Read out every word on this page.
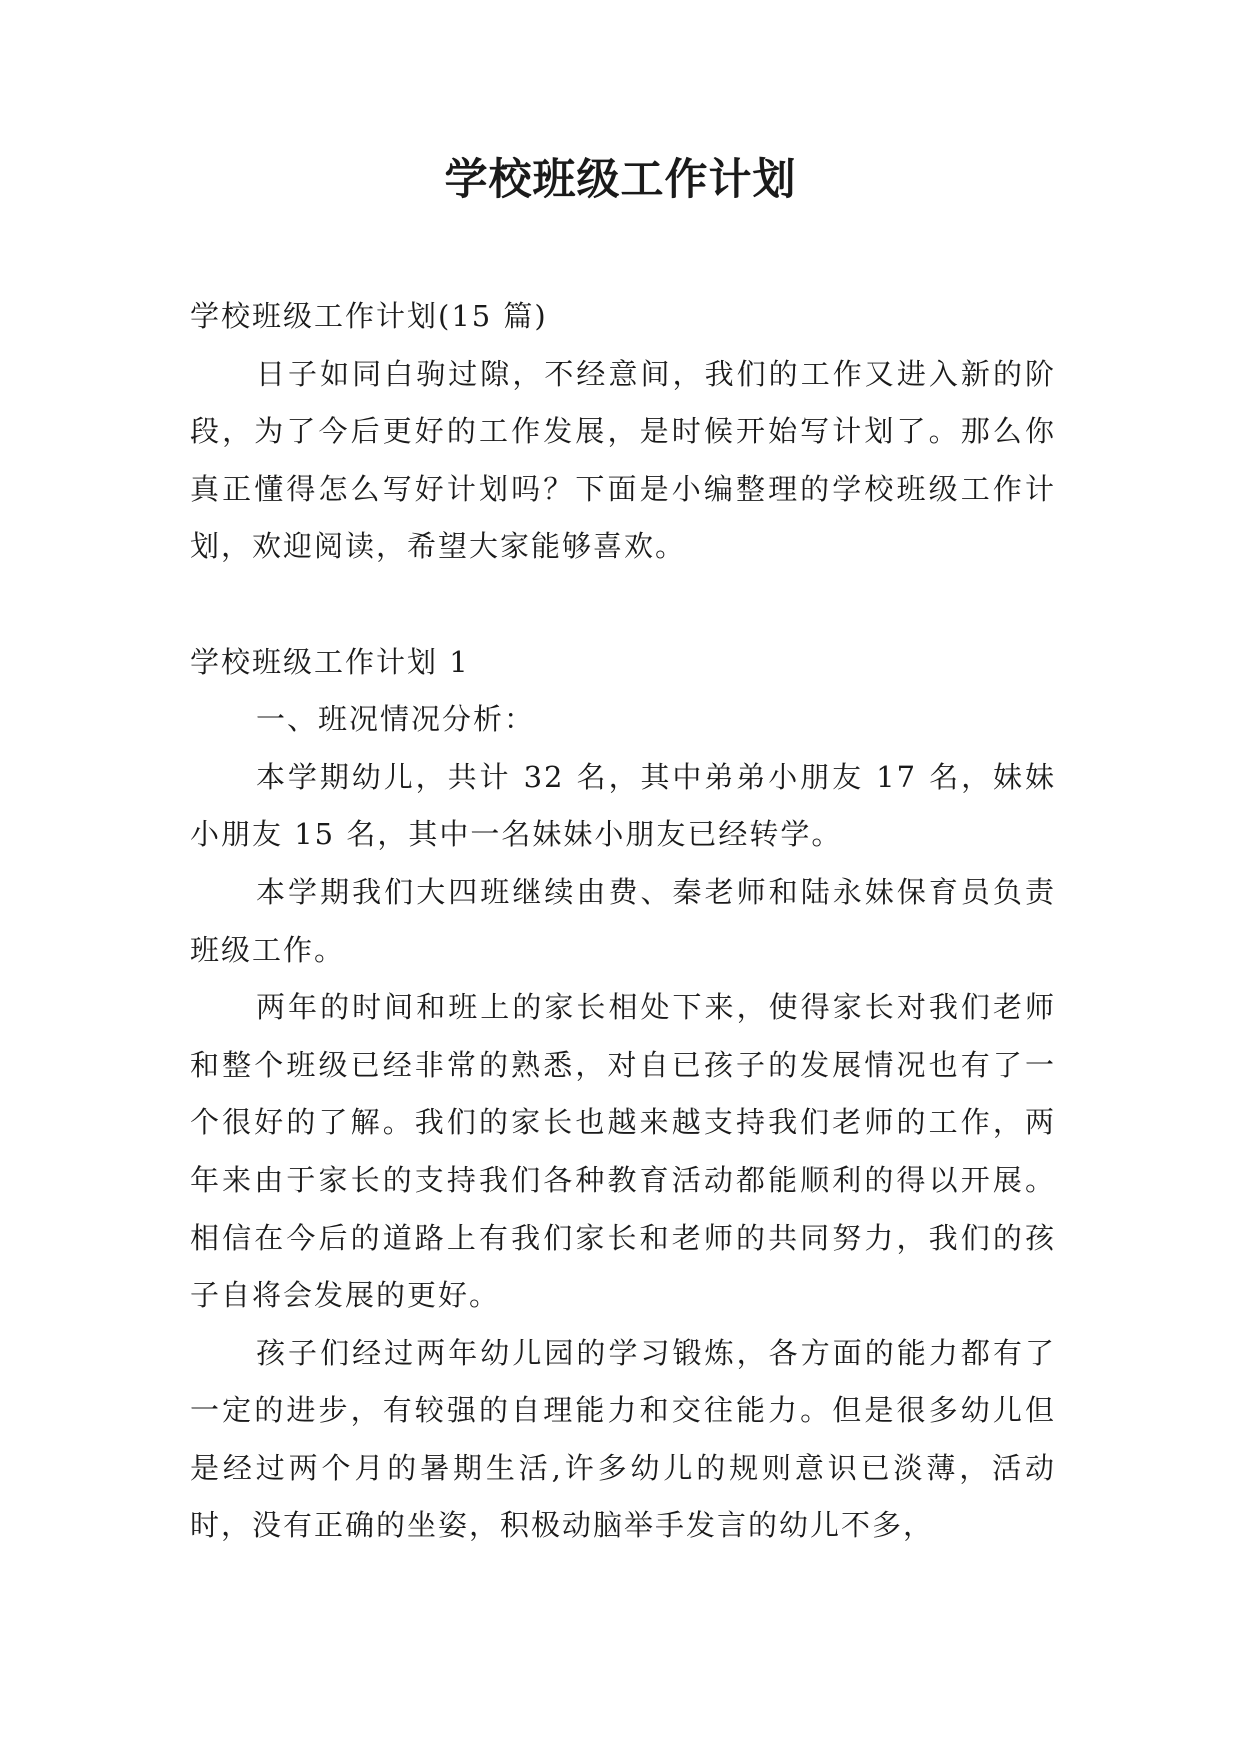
学校班级工作计划

学校班级工作计划(15 篇)

日子如同白驹过隙，不经意间，我们的工作又进入新的阶段，为了今后更好的工作发展，是时候开始写计划了。那么你真正懂得怎么写好计划吗？下面是小编整理的学校班级工作计划，欢迎阅读，希望大家能够喜欢。

学校班级工作计划 1

一、班况情况分析：

本学期幼儿，共计 32 名，其中弟弟小朋友 17 名，妹妹小朋友 15 名，其中一名妹妹小朋友已经转学。

本学期我们大四班继续由费、秦老师和陆永妹保育员负责班级工作。

两年的时间和班上的家长相处下来，使得家长对我们老师和整个班级已经非常的熟悉，对自已孩子的发展情况也有了一个很好的了解。我们的家长也越来越支持我们老师的工作，两年来由于家长的支持我们各种教育活动都能顺利的得以开展。相信在今后的道路上有我们家长和老师的共同努力，我们的孩子自将会发展的更好。

孩子们经过两年幼儿园的学习锻炼，各方面的能力都有了一定的进步，有较强的自理能力和交往能力。但是很多幼儿但是经过两个月的暑期生活,许多幼儿的规则意识已淡薄，活动时，没有正确的坐姿，积极动脑举手发言的幼儿不多，
